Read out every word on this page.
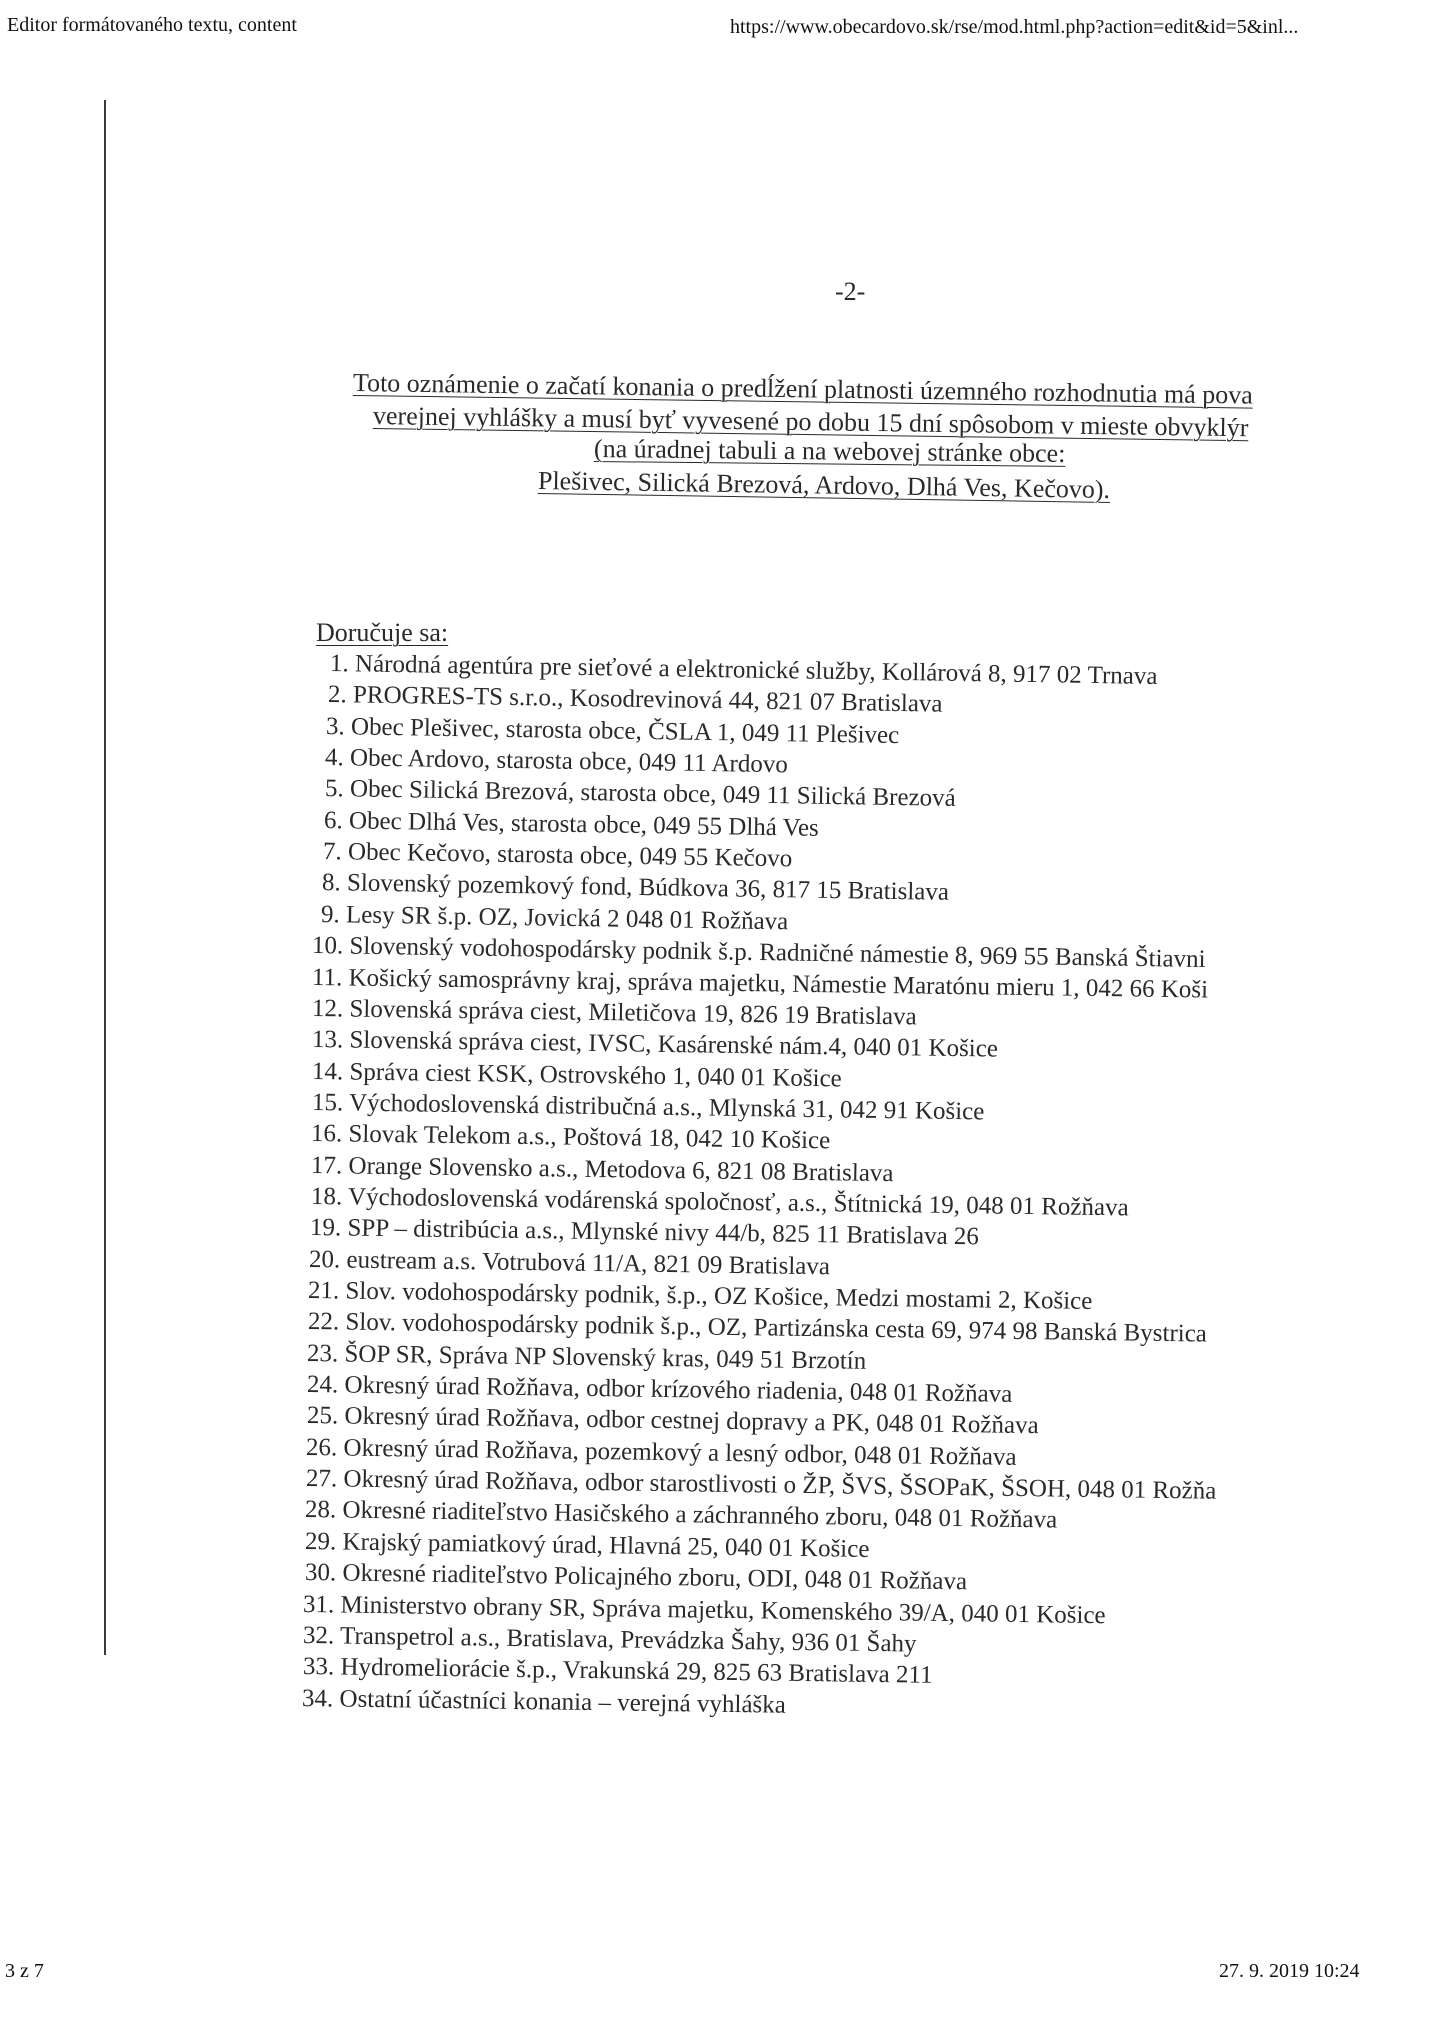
Editor formátovaného textu, content	https://www.obecardovo.sk/rse/mod.html.php?action=edit&id=5&inl...
-2-
Toto oznámenie o začatí konania o predĺžení platnosti územného rozhodnutia má pova
verejnej vyhlášky a musí byť vyvesené po dobu 15 dní spôsobom v mieste obvyklýr
(na úradnej tabuli a na webovej stránke obce:
Plešivec, Silická Brezová, Ardovo, Dlhá Ves, Kečovo).
Doručuje sa:
1. Národná agentúra pre sieťové a elektronické služby, Kollárová 8, 917 02 Trnava
2. PROGRES-TS s.r.o., Kosodrevinová 44, 821 07 Bratislava
3. Obec Plešivec, starosta obce, ČSLA 1, 049 11 Plešivec
4. Obec Ardovo, starosta obce, 049 11 Ardovo
5. Obec Silická Brezová, starosta obce, 049 11 Silická Brezová
6. Obec Dlhá Ves, starosta obce, 049 55 Dlhá Ves
7. Obec Kečovo, starosta obce, 049 55 Kečovo
8. Slovenský pozemkový fond, Búdkova 36, 817 15 Bratislava
9. Lesy SR š.p. OZ, Jovická 2 048 01 Rožňava
10. Slovenský vodohospodársky podnik š.p. Radničné námestie 8, 969 55 Banská Štiavni
11. Košický samosprávny kraj, správa majetku, Námestie Maratónu mieru 1, 042 66 Koši
12. Slovenská správa ciest, Miletičova 19, 826 19 Bratislava
13. Slovenská správa ciest, IVSC, Kasárenské nám.4, 040 01 Košice
14. Správa ciest KSK, Ostrovského 1, 040 01 Košice
15. Východoslovenská distribučná a.s., Mlynská 31, 042 91 Košice
16. Slovak Telekom a.s., Poštová 18, 042 10 Košice
17. Orange Slovensko a.s., Metodova 6, 821 08 Bratislava
18. Východoslovenská vodárenská spoločnosť, a.s., Štítnická 19, 048 01 Rožňava
19. SPP – distribúcia a.s., Mlynské nivy 44/b, 825 11 Bratislava 26
20. eustream a.s. Votrubová 11/A, 821 09 Bratislava
21. Slov. vodohospodársky podnik, š.p., OZ Košice, Medzi mostami 2, Košice
22. Slov. vodohospodársky podnik š.p., OZ, Partizánska cesta 69, 974 98 Banská Bystrica
23. ŠOP SR, Správa NP Slovenský kras, 049 51 Brzotín
24. Okresný úrad Rožňava, odbor krízového riadenia, 048 01 Rožňava
25. Okresný úrad Rožňava, odbor cestnej dopravy a PK, 048 01 Rožňava
26. Okresný úrad Rožňava, pozemkový a lesný odbor, 048 01 Rožňava
27. Okresný úrad Rožňava, odbor starostlivosti o ŽP, ŠVS, ŠSOPaK, ŠSOH, 048 01 Rožňa
28. Okresné riaditeľstvo Hasičského a záchranného zboru, 048 01 Rožňava
29. Krajský pamiatkový úrad, Hlavná 25, 040 01 Košice
30. Okresné riaditeľstvo Policajného zboru, ODI, 048 01 Rožňava
31. Ministerstvo obrany SR, Správa majetku, Komenského 39/A, 040 01 Košice
32. Transpetrol a.s., Bratislava, Prevádzka Šahy, 936 01 Šahy
33. Hydromeliorácie š.p., Vrakunská 29, 825 63 Bratislava 211
34. Ostatní účastníci konania – verejná vyhláška
3 z 7	27. 9. 2019 10:24
